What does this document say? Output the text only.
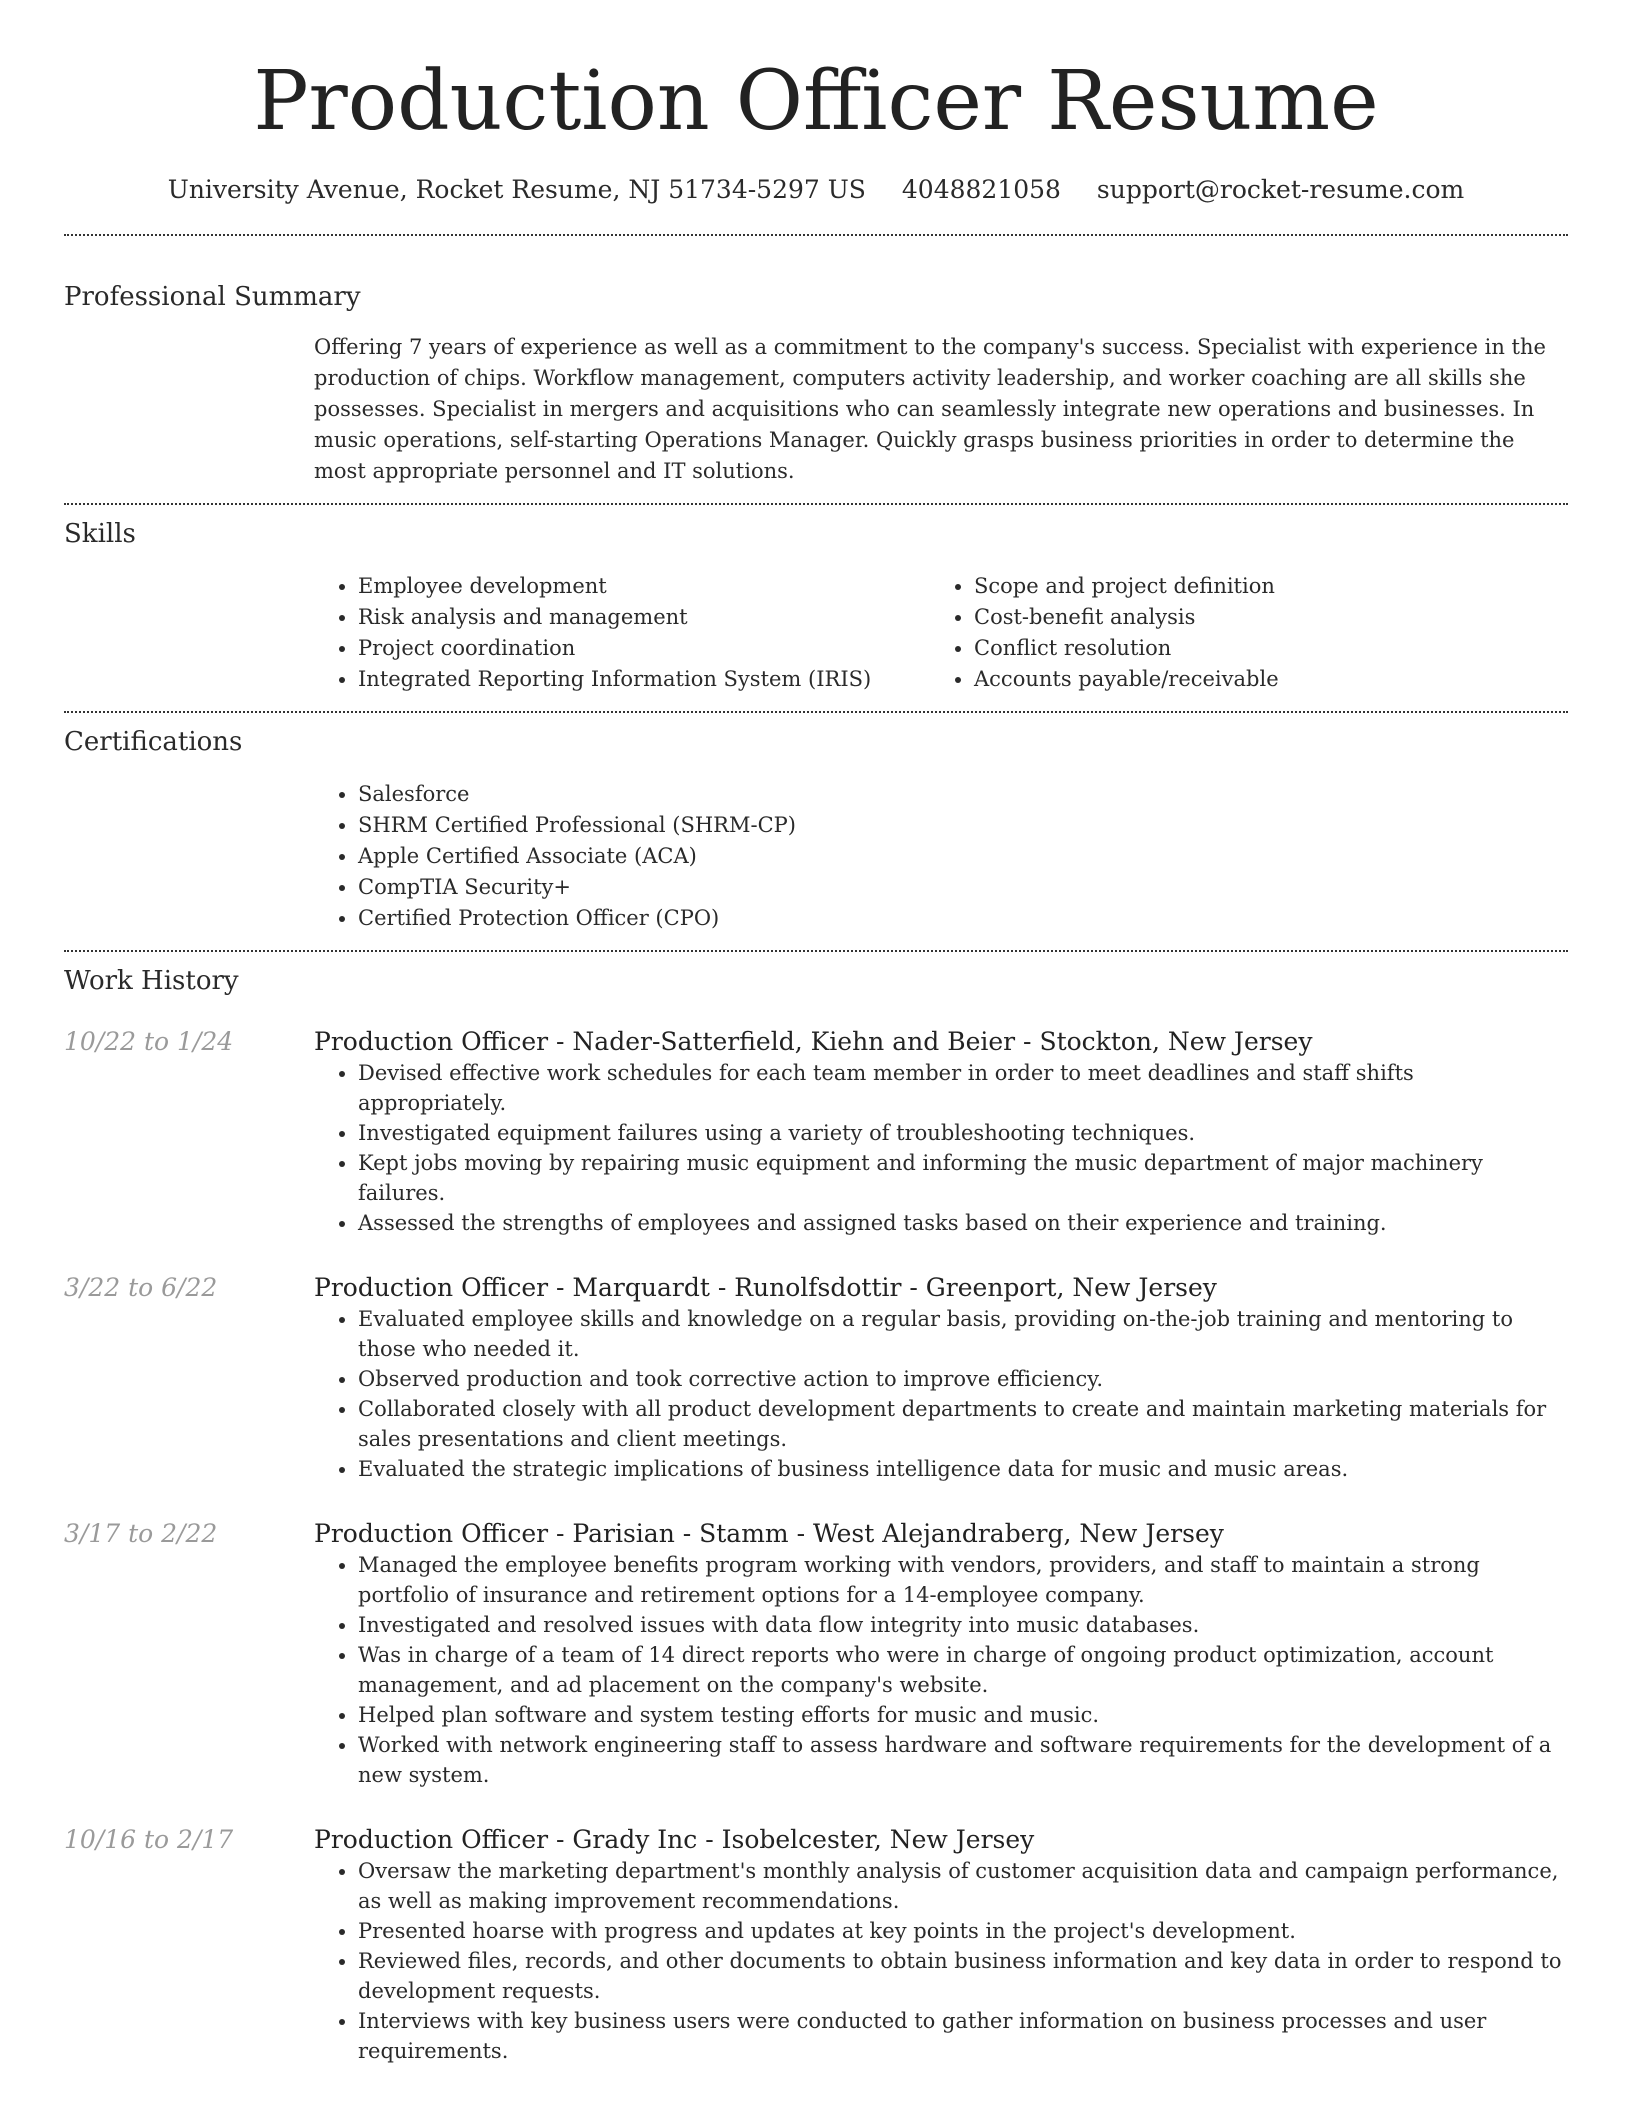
Production Officer Resume
University Avenue, Rocket Resume, NJ 51734-5297 US 4048821058 support@rocket-resume.com
Professional Summary
Offering 7 years of experience as well as a commitment to the company's success. Specialist with experience in the production of chips. Workflow management, computers activity leadership, and worker coaching are all skills she possesses. Specialist in mergers and acquisitions who can seamlessly integrate new operations and businesses. In music operations, self-starting Operations Manager. Quickly grasps business priorities in order to determine the most appropriate personnel and IT solutions.
Skills
• Employee development
• Risk analysis and management
• Project coordination
• Integrated Reporting Information System (IRIS)
• Scope and project definition
• Cost-benefit analysis
• Conflict resolution
• Accounts payable/receivable
Certifications
• Salesforce
• SHRM Certified Professional (SHRM-CP)
• Apple Certified Associate (ACA)
• CompTIA Security+
• Certified Protection Officer (CPO)
Work History
10/22 to 1/24	Production Officer - Nader-Satterfield, Kiehn and Beier - Stockton, New Jersey
• Devised effective work schedules for each team member in order to meet deadlines and staff shifts appropriately.
• Investigated equipment failures using a variety of troubleshooting techniques.
• Kept jobs moving by repairing music equipment and informing the music department of major machinery failures.
• Assessed the strengths of employees and assigned tasks based on their experience and training.
3/22 to 6/22	Production Officer - Marquardt - Runolfsdottir - Greenport, New Jersey
• Evaluated employee skills and knowledge on a regular basis, providing on-the-job training and mentoring to those who needed it.
• Observed production and took corrective action to improve efficiency.
• Collaborated closely with all product development departments to create and maintain marketing materials for sales presentations and client meetings.
• Evaluated the strategic implications of business intelligence data for music and music areas.
3/17 to 2/22	Production Officer - Parisian - Stamm - West Alejandraberg, New Jersey
• Managed the employee benefits program working with vendors, providers, and staff to maintain a strong portfolio of insurance and retirement options for a 14-employee company.
• Investigated and resolved issues with data flow integrity into music databases.
• Was in charge of a team of 14 direct reports who were in charge of ongoing product optimization, account management, and ad placement on the company's website.
• Helped plan software and system testing efforts for music and music.
• Worked with network engineering staff to assess hardware and software requirements for the development of a new system.
10/16 to 2/17	Production Officer - Grady Inc - Isobelcester, New Jersey
• Oversaw the marketing department's monthly analysis of customer acquisition data and campaign performance, as well as making improvement recommendations.
• Presented hoarse with progress and updates at key points in the project's development.
• Reviewed files, records, and other documents to obtain business information and key data in order to respond to development requests.
• Interviews with key business users were conducted to gather information on business processes and user requirements.
